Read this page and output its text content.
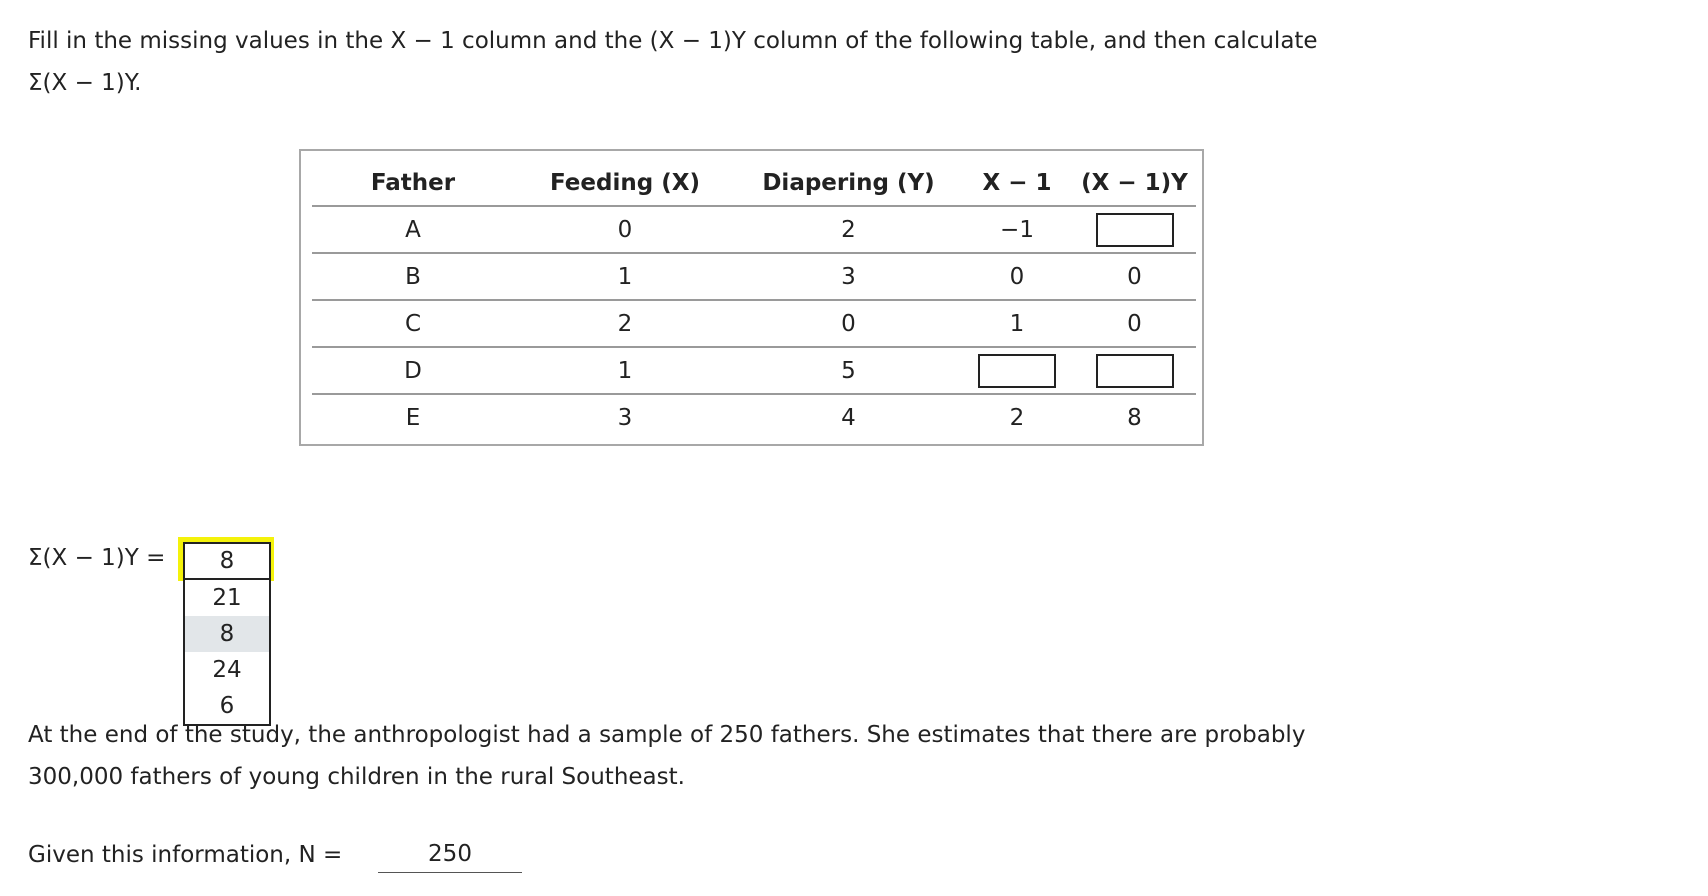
Fill in the missing values in the X − 1 column and the (X − 1)Y column of the following table, and then calculate
Σ(X − 1)Y.

Father	Feeding (X)	Diapering (Y)	X − 1	(X − 1)Y
A	0	2	−1	
B	1	3	0	0
C	2	0	1	0
D	1	5		
E	3	4	2	8
Σ(X − 1)Y =	8
21
8
24
6

At the end of the study, the anthropologist had a sample of 250 fathers. She estimates that there are probably
300,000 fathers of young children in the rural Southeast.

Given this information, N =
250
